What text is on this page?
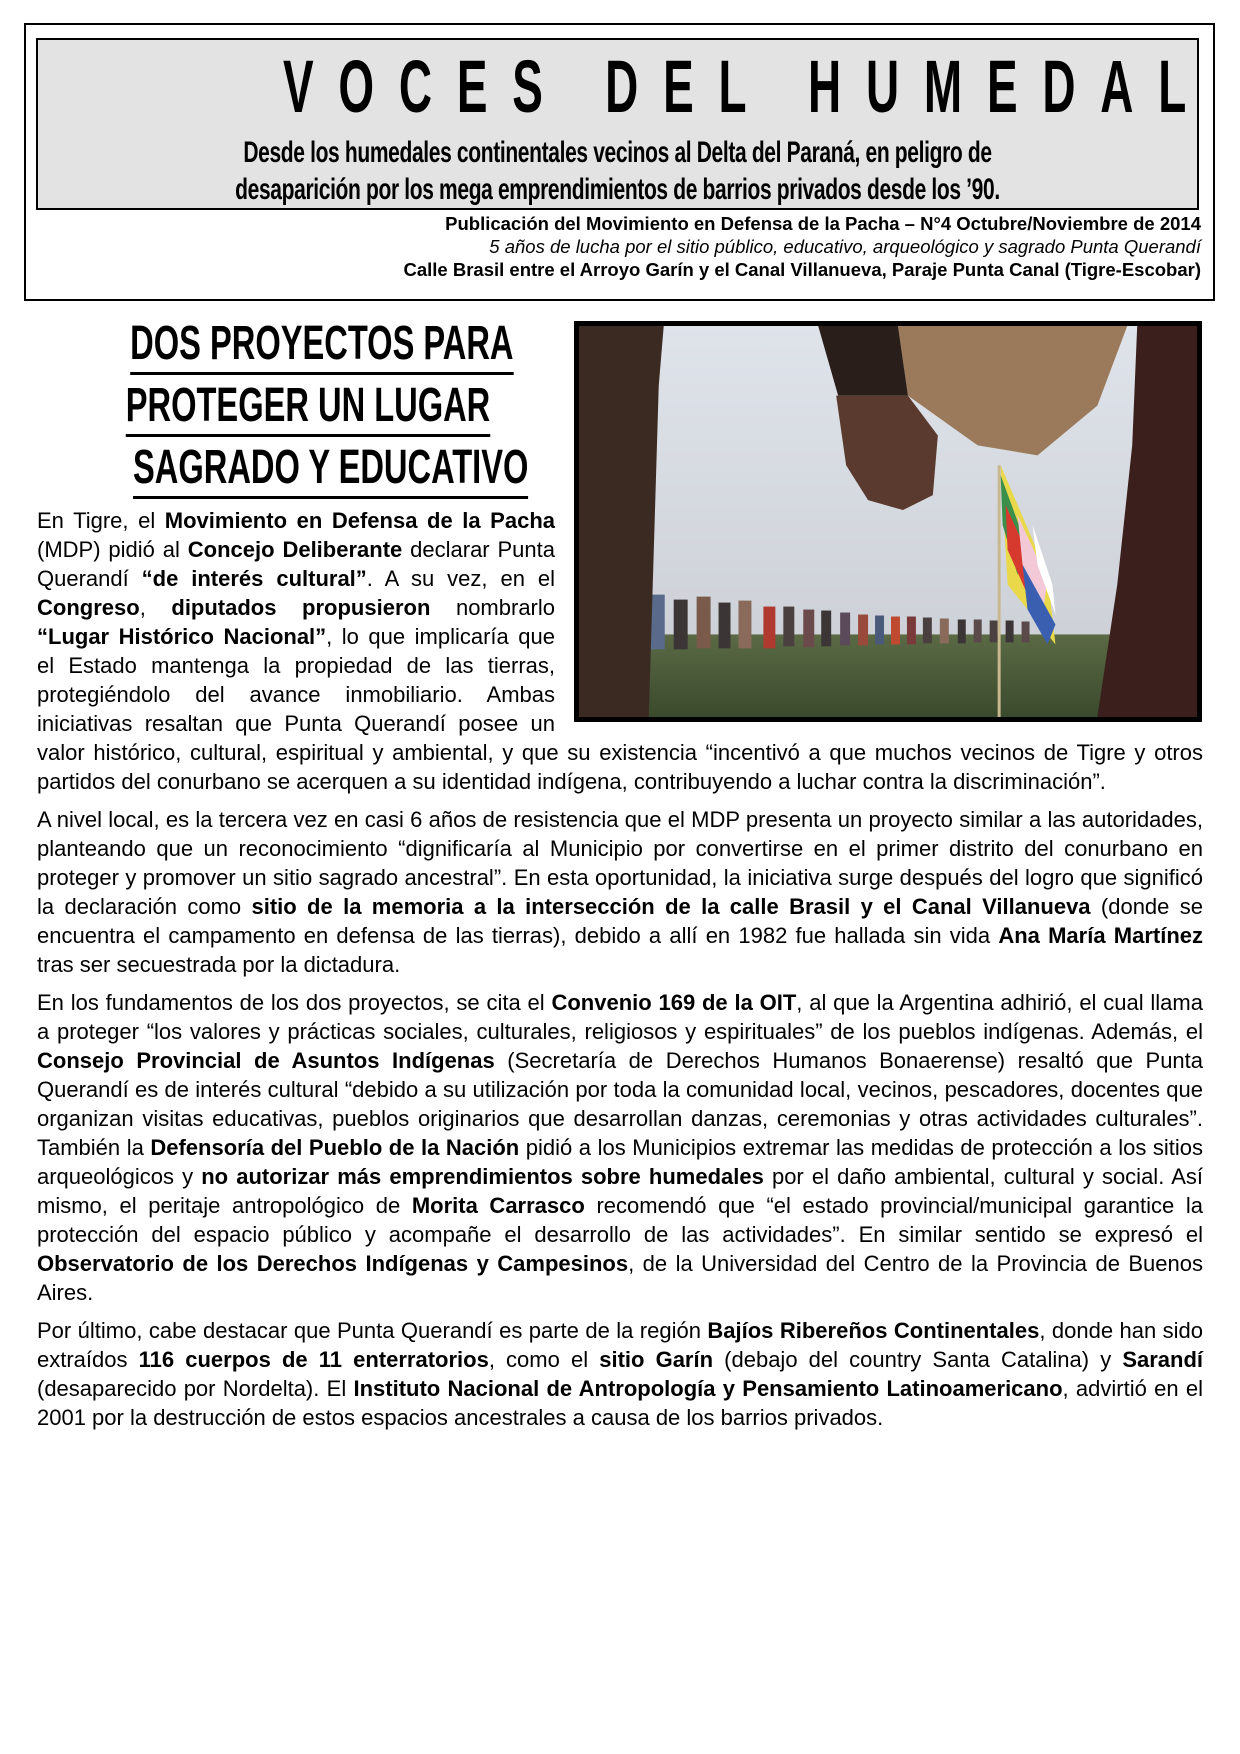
VOCES DEL HUMEDAL
Desde los humedales continentales vecinos al Delta del Paraná, en peligro de
desaparición por los mega emprendimientos de barrios privados desde los ’90.
Publicación del Movimiento en Defensa de la Pacha – N°4 Octubre/Noviembre de 2014
5 años de lucha por el sitio público, educativo, arqueológico y sagrado Punta Querandí
Calle Brasil entre el Arroyo Garín y el Canal Villanueva, Paraje Punta Canal (Tigre-Escobar)
DOS PROYECTOS PARA
PROTEGER UN LUGAR
SAGRADO Y EDUCATIVO

En Tigre, el Movimiento en Defensa de la Pacha (MDP) pidió al Concejo Deliberante declarar Punta Querandí “de interés cultural”. A su vez, en el Congreso, diputados propusieron nombrarlo “Lugar Histórico Nacional”, lo que implicaría que el Estado mantenga la propiedad de las tierras, protegiéndolo del avance inmobiliario. Ambas iniciativas resaltan que Punta Querandí posee un valor histórico, cultural, espiritual y ambiental, y que su existencia “incentivó a que muchos vecinos de Tigre y otros partidos del conurbano se acerquen a su identidad indígena, contribuyendo a luchar contra la discriminación”.

A nivel local, es la tercera vez en casi 6 años de resistencia que el MDP presenta un proyecto similar a las autoridades, planteando que un reconocimiento “dignificaría al Municipio por convertirse en el primer distrito del conurbano en proteger y promover un sitio sagrado ancestral”. En esta oportunidad, la iniciativa surge después del logro que significó la declaración como sitio de la memoria a la intersección de la calle Brasil y el Canal Villanueva (donde se encuentra el campamento en defensa de las tierras), debido a allí en 1982 fue hallada sin vida Ana María Martínez tras ser secuestrada por la dictadura.

En los fundamentos de los dos proyectos, se cita el Convenio 169 de la OIT, al que la Argentina adhirió, el cual llama a proteger “los valores y prácticas sociales, culturales, religiosos y espirituales” de los pueblos indígenas. Además, el Consejo Provincial de Asuntos Indígenas (Secretaría de Derechos Humanos Bonaerense) resaltó que Punta Querandí es de interés cultural “debido a su utilización por toda la comunidad local, vecinos, pescadores, docentes que organizan visitas educativas, pueblos originarios que desarrollan danzas, ceremonias y otras actividades culturales”. También la Defensoría del Pueblo de la Nación pidió a los Municipios extremar las medidas de protección a los sitios arqueológicos y no autorizar más emprendimientos sobre humedales por el daño ambiental, cultural y social. Así mismo, el peritaje antropológico de Morita Carrasco recomendó que “el estado provincial/municipal garantice la protección del espacio público y acompañe el desarrollo de las actividades”. En similar sentido se expresó el Observatorio de los Derechos Indígenas y Campesinos, de la Universidad del Centro de la Provincia de Buenos Aires.

Por último, cabe destacar que Punta Querandí es parte de la región Bajíos Ribereños Continentales, donde han sido extraídos 116 cuerpos de 11 enterratorios, como el sitio Garín (debajo del country Santa Catalina) y Sarandí (desaparecido por Nordelta). El Instituto Nacional de Antropología y Pensamiento Latinoamericano, advirtió en el 2001 por la destrucción de estos espacios ancestrales a causa de los barrios privados.
